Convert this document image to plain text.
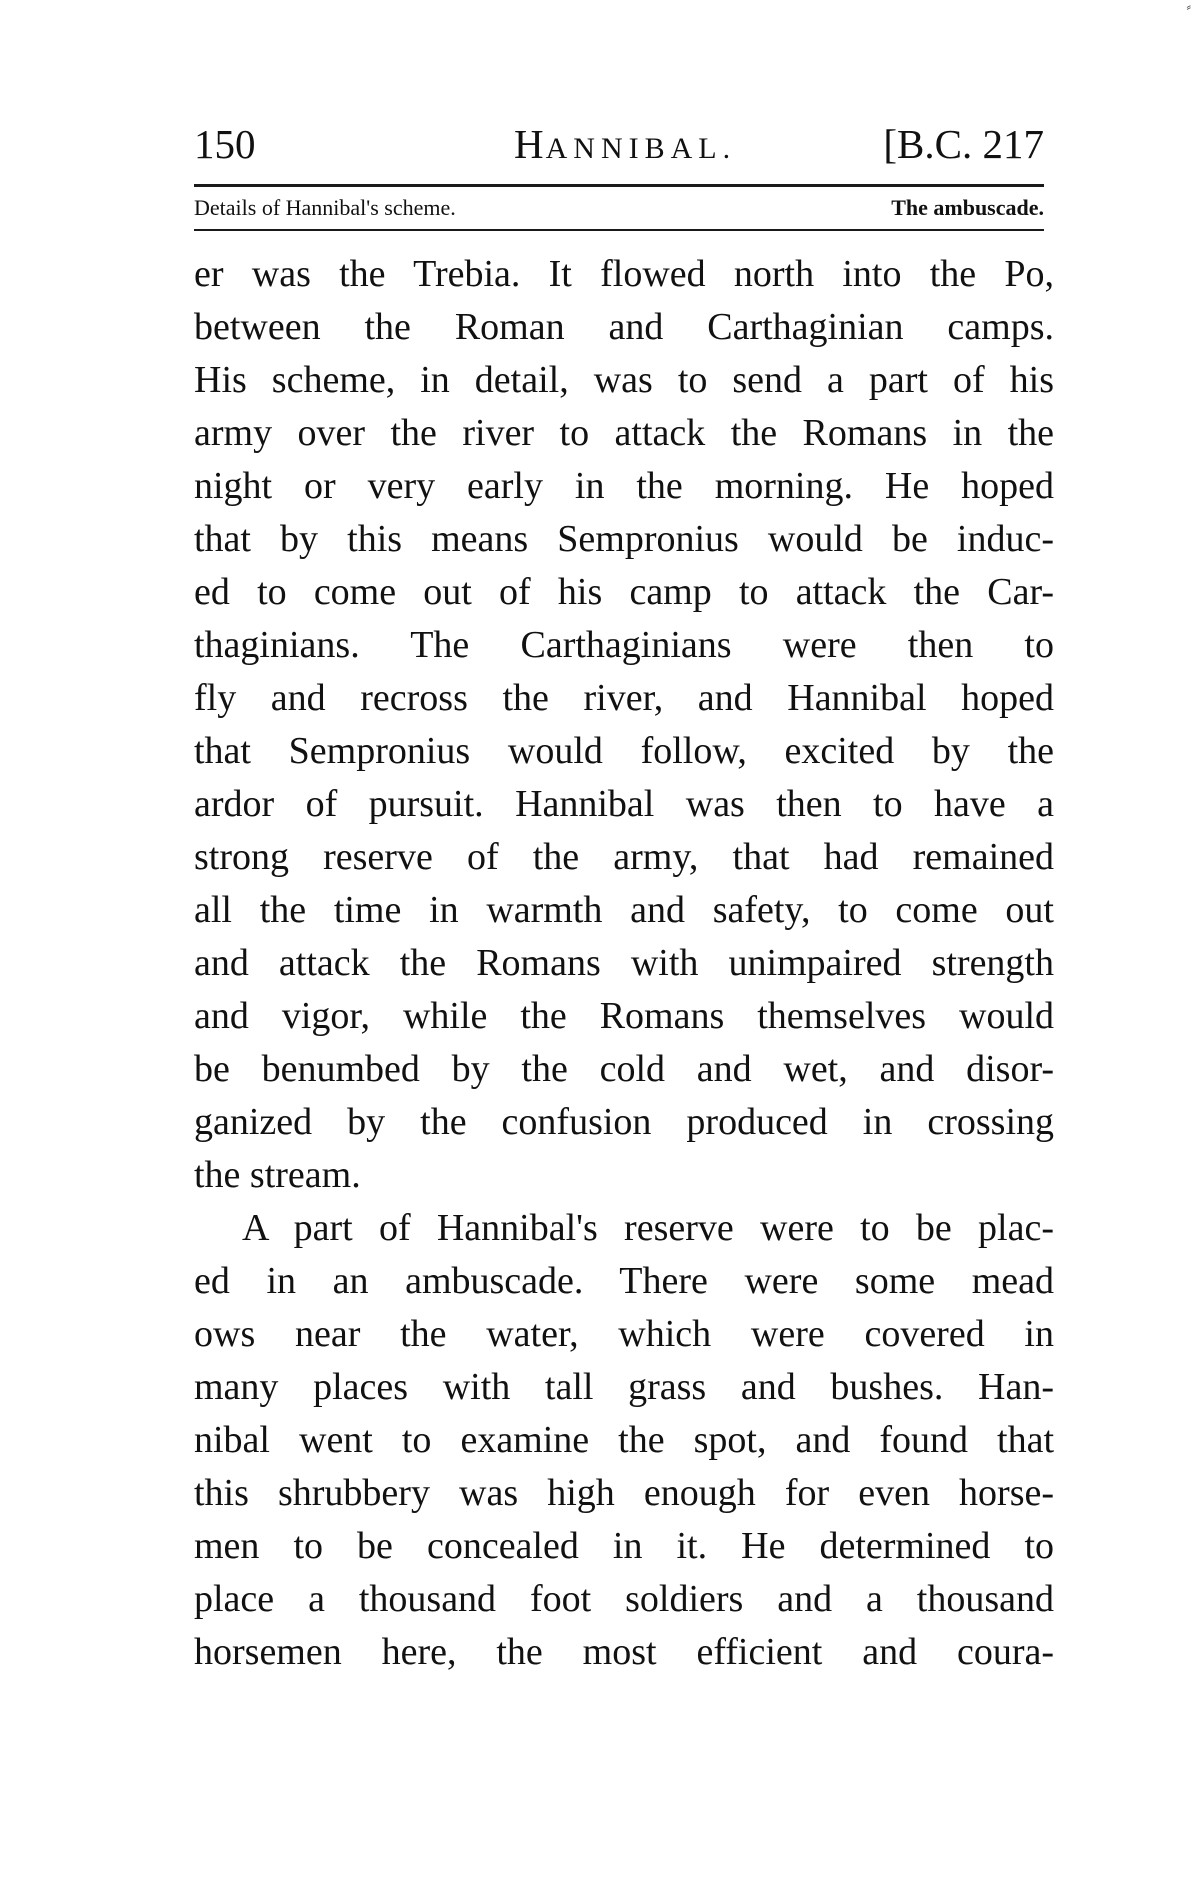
⸗
150	HANNIBAL.	[B.C. 217
Details of Hannibal's scheme.	The ambuscade.
er was the Trebia. It flowed north into the Po,
between the Roman and Carthaginian camps.
His scheme, in detail, was to send a part of his
army over the river to attack the Romans in the
night or very early in the morning. He hoped
that by this means Sempronius would be induc-
ed to come out of his camp to attack the Car-
thaginians. The Carthaginians were then to
fly and recross the river, and Hannibal hoped
that Sempronius would follow, excited by the
ardor of pursuit. Hannibal was then to have a
strong reserve of the army, that had remained
all the time in warmth and safety, to come out
and attack the Romans with unimpaired strength
and vigor, while the Romans themselves would
be benumbed by the cold and wet, and disor-
ganized by the confusion produced in crossing
the stream.
A part of Hannibal's reserve were to be plac-
ed in an ambuscade. There were some mead
ows near the water, which were covered in
many places with tall grass and bushes. Han-
nibal went to examine the spot, and found that
this shrubbery was high enough for even horse-
men to be concealed in it. He determined to
place a thousand foot soldiers and a thousand
horsemen here, the most efficient and coura-
